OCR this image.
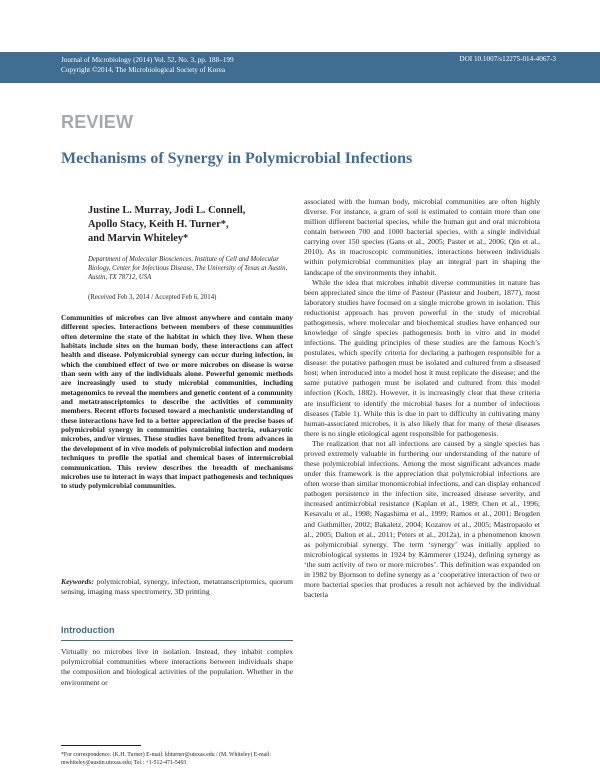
Journal of Microbiology (2014) Vol. 52, No. 3, pp. 188–199
Copyright ©2014, The Microbiological Society of Korea
DOI 10.1007/s12275-014-4067-3
REVIEW
Mechanisms of Synergy in Polymicrobial Infections
Justine L. Murray, Jodi L. Connell,
Apollo Stacy, Keith H. Turner*,
and Marvin Whiteley*
Department of Molecular Biosciences, Institute of Cell and Molecular Biology, Center for Infectious Disease, The University of Texas at Austin, Austin, TX 78712, USA
(Received Feb 3, 2014 / Accepted Feb 6, 2014)
Communities of microbes can live almost anywhere and contain many different species. Interactions between members of these communities often determine the state of the habitat in which they live. When these habitats include sites on the human body, these interactions can affect health and disease. Polymicrobial synergy can occur during infection, in which the combined effect of two or more microbes on disease is worse than seen with any of the individuals alone. Powerful genomic methods are increasingly used to study microbial communities, including metagenomics to reveal the members and genetic content of a community and metatranscriptomics to describe the activities of community members. Recent efforts focused toward a mechanistic understanding of these interactions have led to a better appreciation of the precise bases of polymicrobial synergy in communities containing bacteria, eukaryotic microbes, and/or viruses. These studies have benefited from advances in the development of in vivo models of polymicrobial infection and modern techniques to profile the spatial and chemical bases of intermicrobial communication. This review describes the breadth of mechanisms microbes use to interact in ways that impact pathogenesis and techniques to study polymicrobial communities.
Keywords: polymicrobial, synergy, infection, metatranscriptomics, quorum sensing, imaging mass spectrometry, 3D printing
Introduction
Virtually no microbes live in isolation. Instead, they inhabit complex polymicrobial communities where interactions between individuals shape the composition and biological activities of the population. Whether in the environment or
*For correspondence. (K.H. Turner) E-mail: khturner@utexas.edu / (M. Whiteley) E-mail: mwhiteley@austin.utexas.edu; Tel.: +1-512-471-5493

associated with the human body, microbial communities are often highly diverse. For instance, a gram of soil is estimated to contain more than one million different bacterial species, while the human gut and oral microbiota contain between 700 and 1000 bacterial species, with a single individual carrying over 150 species (Gans et al., 2005; Paster et al., 2006; Qin et al., 2010). As in macroscopic communities, interactions between individuals within polymicrobial communities play an integral part in shaping the landscape of the environments they inhabit.

While the idea that microbes inhabit diverse communities in nature has been appreciated since the time of Pasteur (Pasteur and Joubert, 1877), most laboratory studies have focused on a single microbe grown in isolation. This reductionist approach has proven powerful in the study of microbial pathogenesis, where molecular and biochemical studies have enhanced our knowledge of single species pathogenesis both in vitro and in model infections. The guiding principles of these studies are the famous Koch’s postulates, which specify criteria for declaring a pathogen responsible for a disease: the putative pathogen must be isolated and cultured from a diseased host; when introduced into a model host it must replicate the disease; and the same putative pathogen must be isolated and cultured from this model infection (Koch, 1882). However, it is increasingly clear that these criteria are insufficient to identify the microbial bases for a number of infectious diseases (Table 1). While this is due in part to difficulty in cultivating many human-associated microbes, it is also likely that for many of these diseases there is no single etiological agent responsible for pathogenesis.

The realization that not all infections are caused by a single species has proved extremely valuable in furthering our understanding of the nature of these polymicrobial infections. Among the most significant advances made under this framework is the appreciation that polymicrobial infections are often worse than similar monomicrobial infections, and can display enhanced pathogen persistence in the infection site, increased disease severity, and increased antimicrobial resistance (Kaplan et al., 1989; Chen et al., 1996; Kesavalu et al., 1998; Nagashima et al., 1999; Ramos et al., 2001; Brogden and Guthmiller, 2002; Bakaletz, 2004; Kozarov et al., 2005; Mastropaolo et al., 2005; Dalton et al., 2011; Peters et al., 2012a), in a phenomenon known as polymicrobial synergy. The term ‘synergy’ was initially applied to microbiological systems in 1924 by Kämmerer (1924), defining synergy as ‘the sum activity of two or more microbes’. This definition was expanded on in 1982 by Bjornson to define synergy as a ‘cooperative interaction of two or more bacterial species that produces a result not achieved by the individual bacteria
